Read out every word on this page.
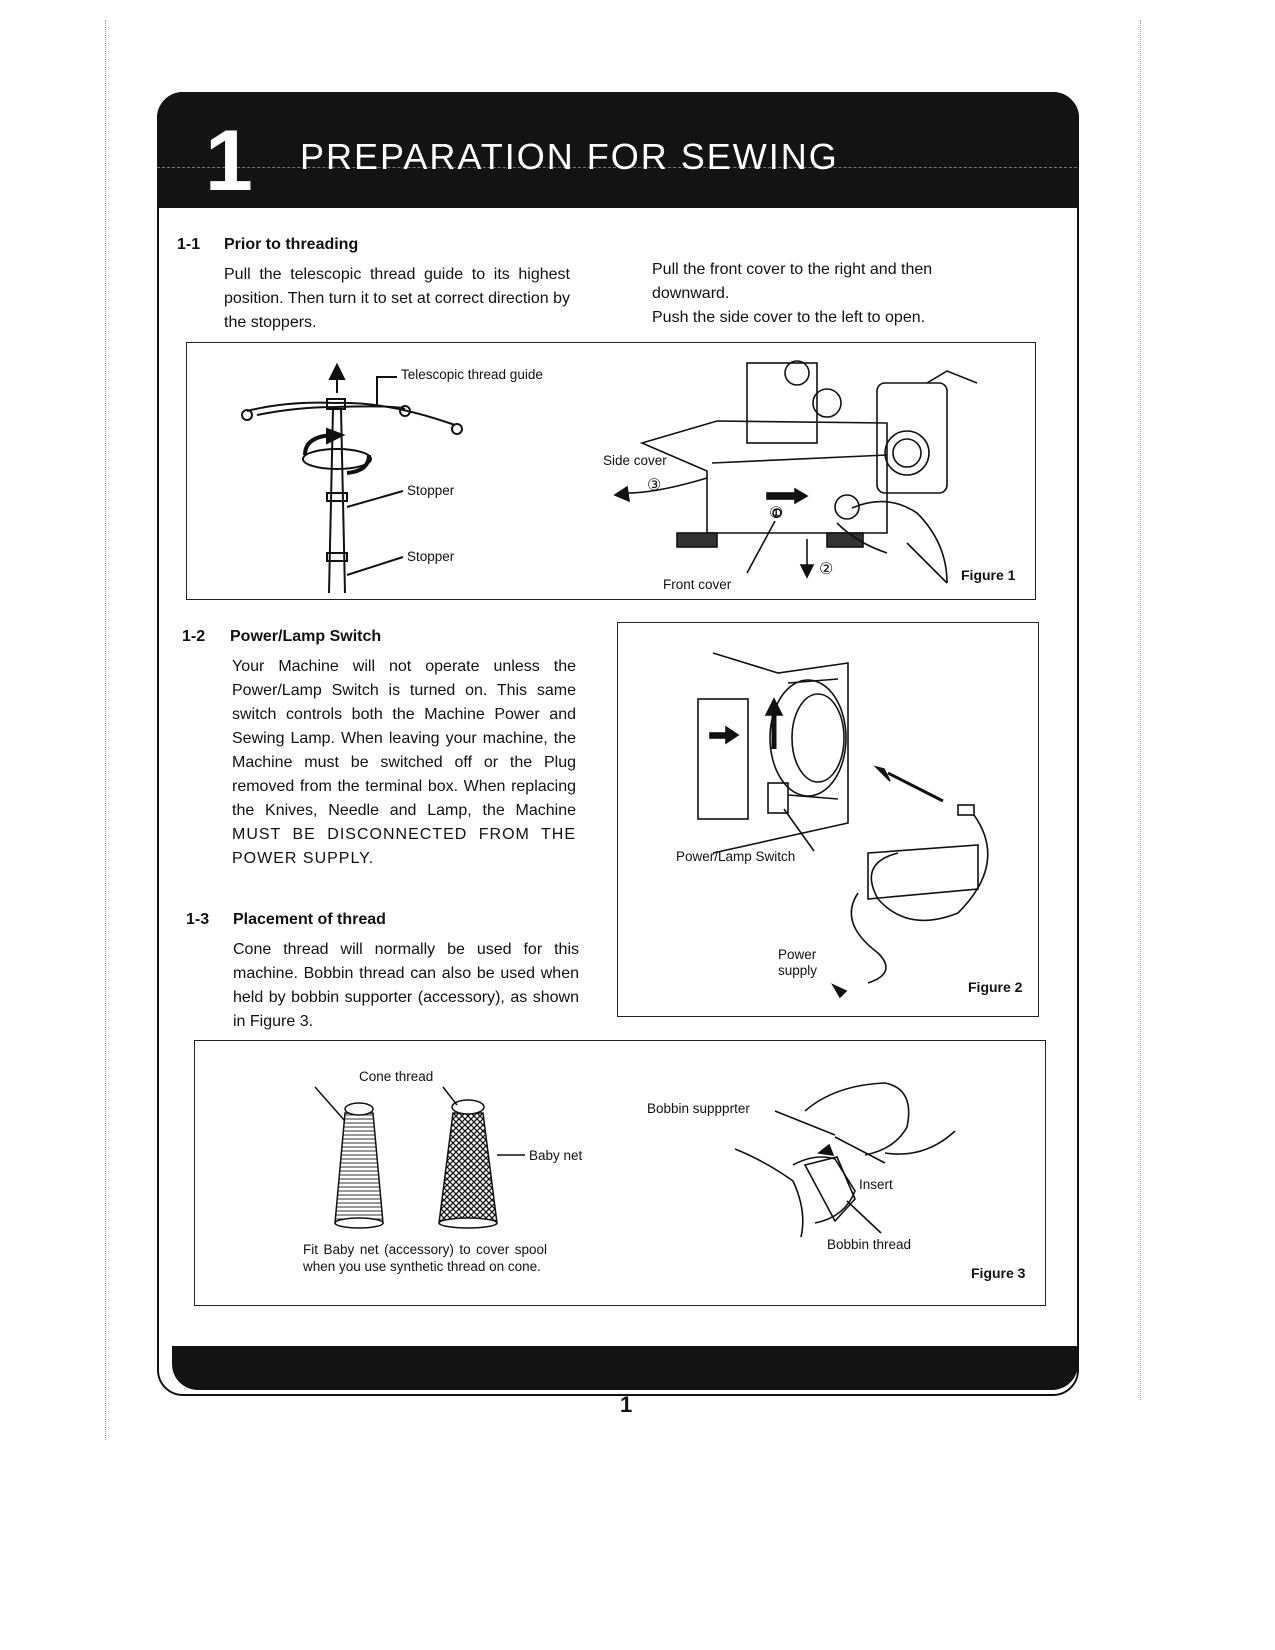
1 PREPARATION FOR SEWING
1-1 Prior to threading
Pull the telescopic thread guide to its highest position. Then turn it to set at correct direction by the stoppers.
Pull the front cover to the right and then downward.
Push the side cover to the left to open.
Telescopic thread guide
Stopper
Stopper
Side cover
③
①
②
Front cover
Figure 1
1-2 Power/Lamp Switch
Your Machine will not operate unless the Power/Lamp Switch is turned on. This same switch controls both the Machine Power and Sewing Lamp. When leaving your machine, the Machine must be switched off or the Plug removed from the terminal box. When replacing the Knives, Needle and Lamp, the Machine MUST BE DISCONNECTED FROM THE POWER SUPPLY.	Power/Lamp Switch
Power
supply
Figure 2
1-3 Placement of thread
Cone thread will normally be used for this machine. Bobbin thread can also be used when held by bobbin supporter (accessory), as shown in Figure 3.
Cone thread
Baby net
Fit Baby net (accessory) to cover spool when you use synthetic thread on cone.
Bobbin suppprter
Insert
Bobbin thread
Figure 3
1
